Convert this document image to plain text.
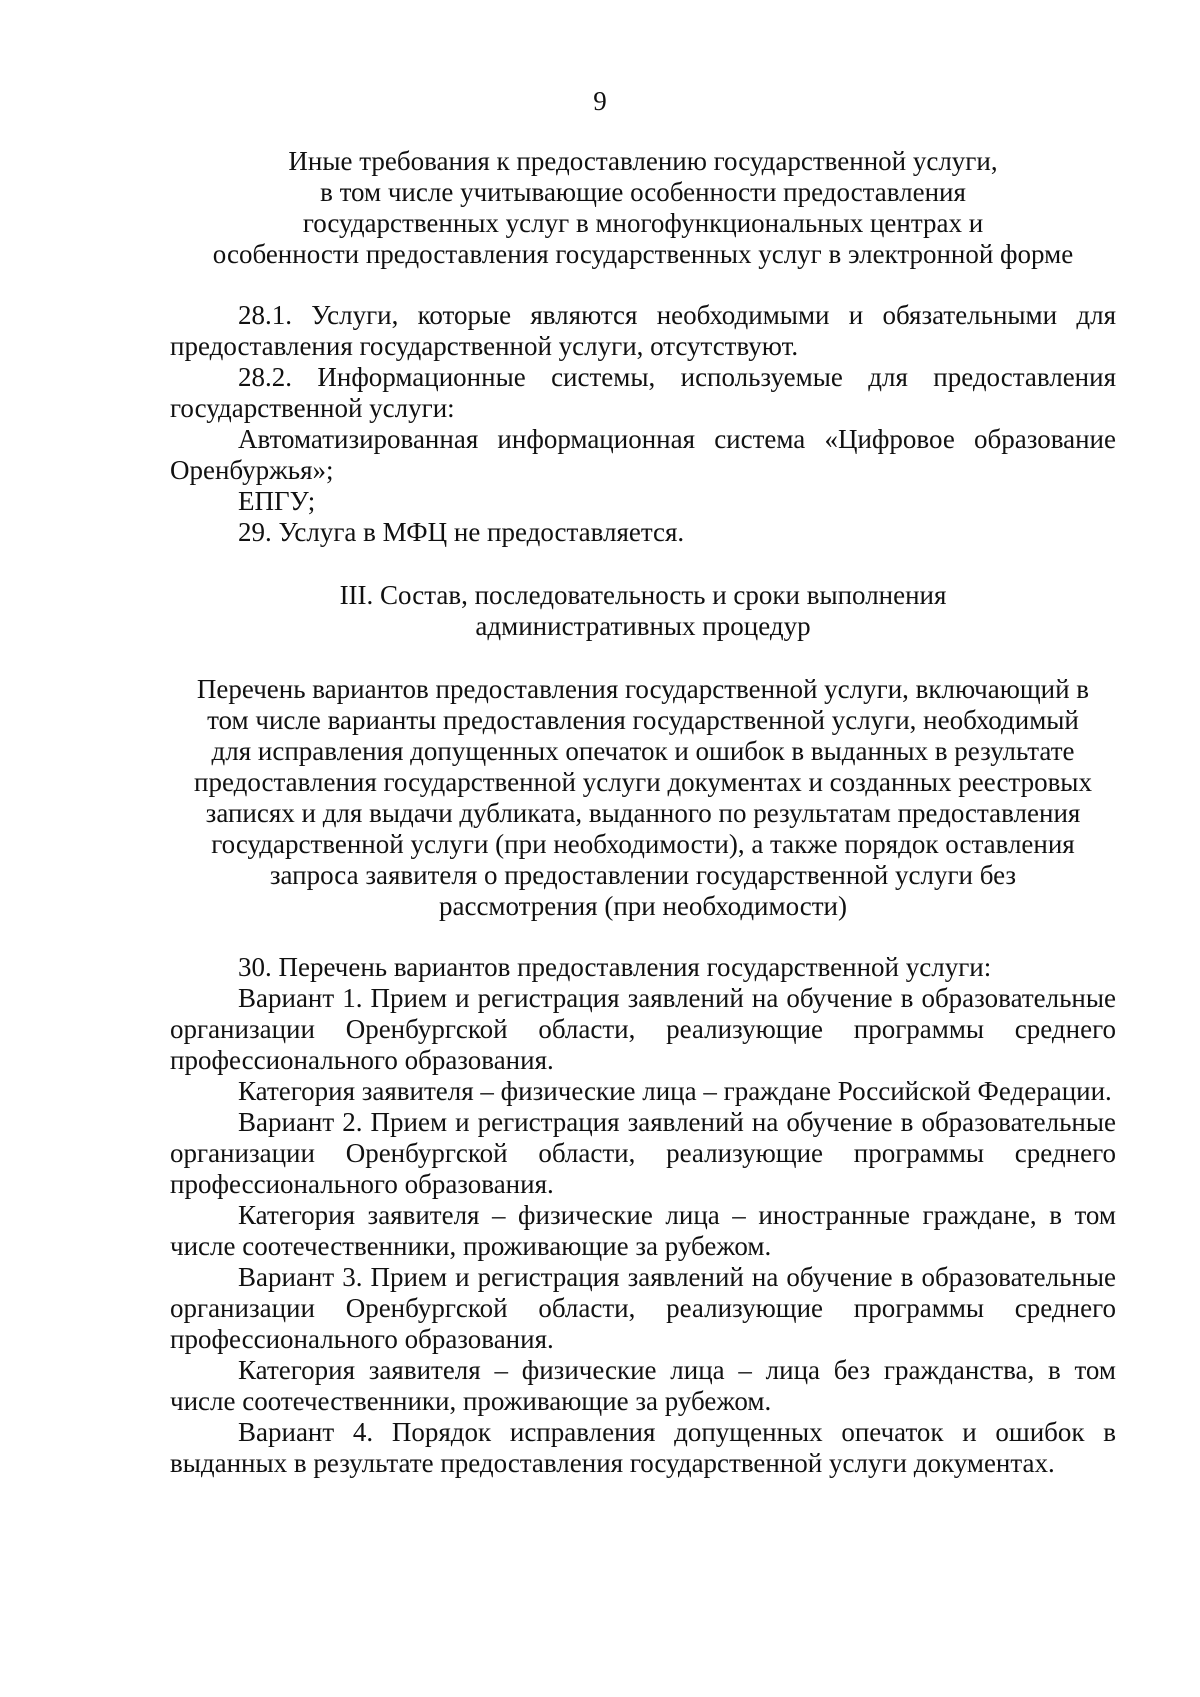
9
Иные требования к предоставлению государственной услуги,
в том числе учитывающие особенности предоставления
государственных услуг в многофункциональных центрах и
особенности предоставления государственных услуг в электронной форме

28.1. Услуги, которые являются необходимыми и обязательными для предоставления государственной услуги, отсутствуют.

28.2. Информационные системы, используемые для предоставления государственной услуги:

Автоматизированная информационная система «Цифровое образование Оренбуржья»;

ЕПГУ;

29. Услуга в МФЦ не предоставляется.

III. Состав, последовательность и сроки выполнения
административных процедур
Перечень вариантов предоставления государственной услуги, включающий в
том числе варианты предоставления государственной услуги, необходимый
для исправления допущенных опечаток и ошибок в выданных в результате
предоставления государственной услуги документах и созданных реестровых
записях и для выдачи дубликата, выданного по результатам предоставления
государственной услуги (при необходимости), а также порядок оставления
запроса заявителя о предоставлении государственной услуги без
рассмотрения (при необходимости)

30. Перечень вариантов предоставления государственной услуги:

Вариант 1. Прием и регистрация заявлений на обучение в образовательные организации Оренбургской области, реализующие программы среднего профессионального образования.

Категория заявителя – физические лица – граждане Российской Федерации.

Вариант 2. Прием и регистрация заявлений на обучение в образовательные организации Оренбургской области, реализующие программы среднего профессионального образования.

Категория заявителя – физические лица – иностранные граждане, в том числе соотечественники, проживающие за рубежом.

Вариант 3. Прием и регистрация заявлений на обучение в образовательные организации Оренбургской области, реализующие программы среднего профессионального образования.

Категория заявителя – физические лица – лица без гражданства, в том числе соотечественники, проживающие за рубежом.

Вариант 4. Порядок исправления допущенных опечаток и ошибок в выданных в результате предоставления государственной услуги документах.
